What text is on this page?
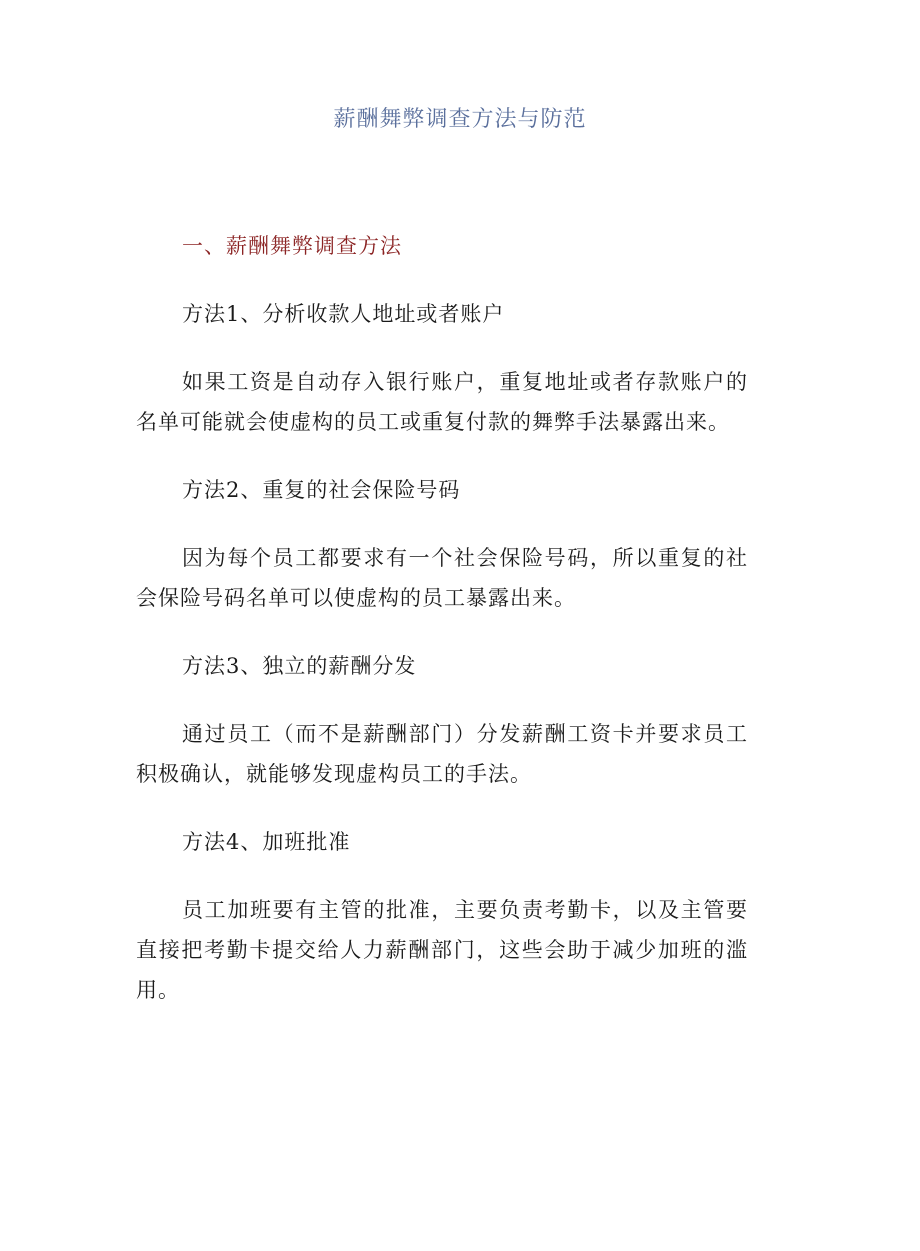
薪酬舞弊调查方法与防范

一、薪酬舞弊调查方法

方法1、分析收款人地址或者账户

如果工资是自动存入银行账户，重复地址或者存款账户的名单可能就会使虚构的员工或重复付款的舞弊手法暴露出来。

方法2、重复的社会保险号码

因为每个员工都要求有一个社会保险号码，所以重复的社会保险号码名单可以使虚构的员工暴露出来。

方法3、独立的薪酬分发

通过员工（而不是薪酬部门）分发薪酬工资卡并要求员工积极确认，就能够发现虚构员工的手法。

方法4、加班批准

员工加班要有主管的批准，主要负责考勤卡，以及主管要直接把考勤卡提交给人力薪酬部门，这些会助于减少加班的滥用。
